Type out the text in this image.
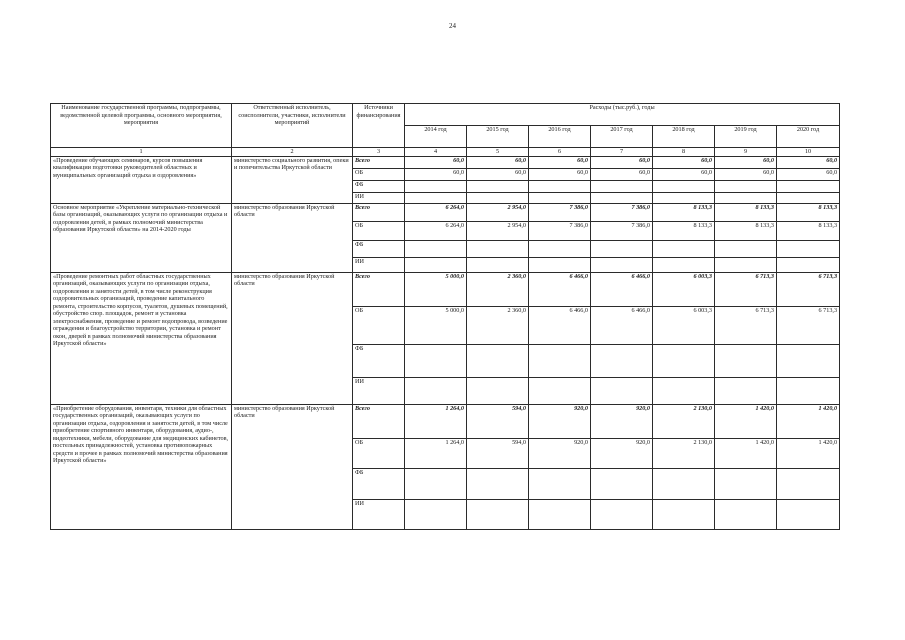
24
Наименование государственной программы, подпрограммы, ведомственной целевой программы, основного мероприятия, мероприятия	Ответственный исполнитель, соисполнители, участники, исполнители мероприятий	Источники финансирования	Расходы (тыс.руб.), годы						
			2014 год	2015 год	2016 год	2017 год	2018 год	2019 год	2020 год
1	2	3	4	5	6	7	8	9	10
«Проведение обучающих семинаров, курсов повышения квалификации подготовки руководителей областных и муниципальных организаций отдыха и оздоровления»	министерство социального развития, опеки и попечительства Иркутской области	Всего	60,0	60,0	60,0	60,0	60,0	60,0	60,0
		ОБ	60,0	60,0	60,0	60,0	60,0	60,0	60,0
		ФБ							
		ИИ							
Основное мероприятие «Укрепление материально-технической базы организаций, оказывающих услуги по организации отдыха и оздоровления детей, в рамках полномочий министерства образования Иркутской области» на 2014-2020 годы	министерство образования Иркутской области	Всего	6 264,0	2 954,0	7 386,0	7 386,0	8 133,3	8 133,3	8 133,3
		ОБ	6 264,0	2 954,0	7 386,0	7 386,0	8 133,3	8 133,3	8 133,3
		ФБ							
		ИИ							
«Проведение ремонтных работ областных государственных организаций, оказывающих услуги по организации отдыха, оздоровления и занятости детей, в том числе реконструкция оздоровительных организаций, проведение капитального ремонта, строительство корпусов, туалетов, душевых помещений, обустройство спор. площадок, ремонт и установка электроснабжения, проведение и ремонт водопровода, возведение ограждения и благоустройство территории, установка и ремонт окон, дверей в рамках полномочий министерства образования Иркутской области»	министерство образования Иркутской области	Всего	5 000,0	2 360,0	6 466,0	6 466,0	6 003,3	6 713,3	6 713,3
		ОБ	5 000,0	2 360,0	6 466,0	6 466,0	6 003,3	6 713,3	6 713,3
		ФБ							
		ИИ							
«Приобретение оборудования, инвентаря, техники для областных государственных организаций, оказывающих услуги по организации отдыха, оздоровления и занятости детей, в том числе приобретение спортивного инвентаря, оборудования, аудио-, видеотехники, мебели, оборудование для медицинских кабинетов, постельных принадлежностей, установка противопожарных средств и прочее в рамках полномочий министерства образования Иркутской области»	министерство образования Иркутской области	Всего	1 264,0	594,0	920,0	920,0	2 130,0	1 420,0	1 420,0
		ОБ	1 264,0	594,0	920,0	920,0	2 130,0	1 420,0	1 420,0
		ФБ							
		ИИ							
